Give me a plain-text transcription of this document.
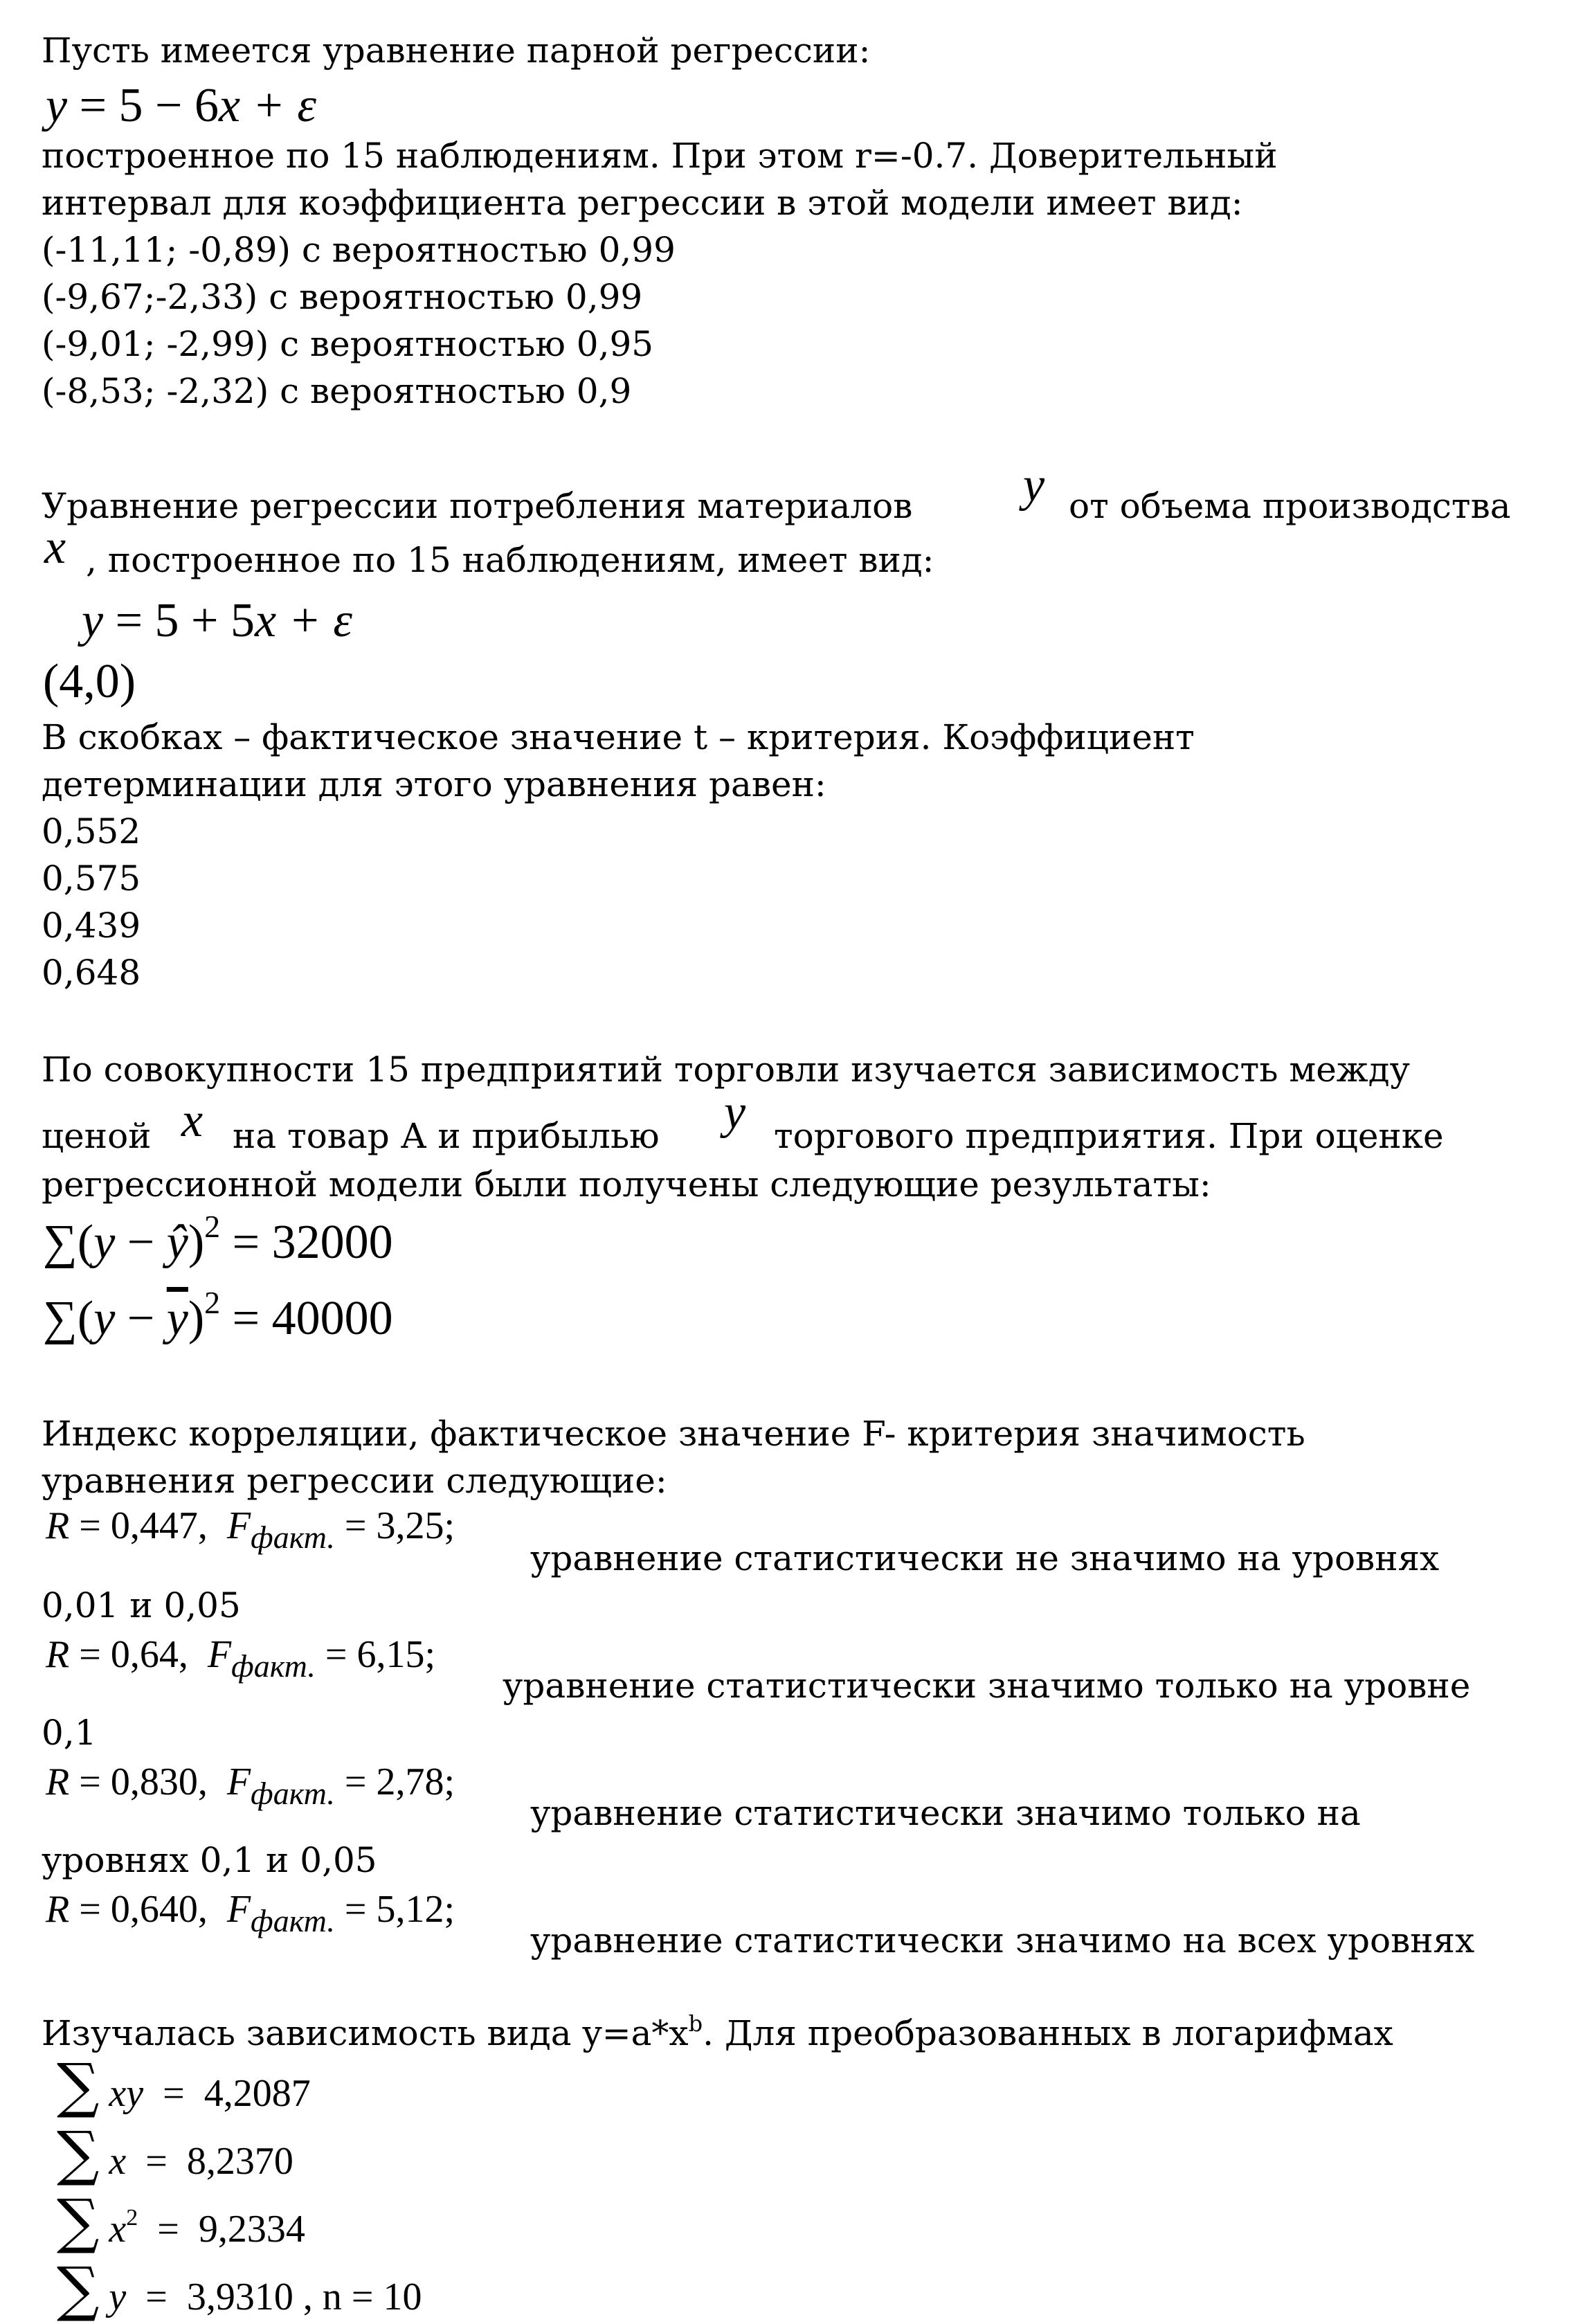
Пусть имеется уравнение парной регрессии:

y = 5 − 6x + ε

построенное по 15 наблюдениям. При этом r=-0.7. Доверительный

интервал для коэффициента регрессии в этой модели имеет вид:

(-11,11; -0,89) с вероятностью 0,99

(-9,67;-2,33) с вероятностью 0,99

(-9,01; -2,99) с вероятностью 0,95

(-8,53; -2,32) с вероятностью 0,9

Уравнение регрессии потребления материалов y от объема производства

x , построенное по 15 наблюдениям, имеет вид:

y = 5 + 5x + ε
(4,0)

В скобках – фактическое значение t – критерия. Коэффициент

детерминации для этого уравнения равен:

0,552

0,575

0,439

0,648

По совокупности 15 предприятий торговли изучается зависимость между

ценой x на товар А и прибылью y торгового предприятия. При оценке

регрессионной модели были получены следующие результаты:

∑(y − ŷ)$^2$ = 32000
$\sum(y - \overline{y})^2 = 40000$

Индекс корреляции, фактическое значение F- критерия значимость

уравнения регрессии следующие:

R = 0,447,  $F_{факт.} = 3,25$;

уравнение статистически не значимо на уровнях

0,01 и 0,05

R = 0,64,  $F_{факт.} = 6,15$;

уравнение статистически значимо только на уровне

0,1

R = 0,830,  $F_{факт.} = 2,78$;

уравнение статистически значимо только на

уровнях 0,1 и 0,05

R = 0,640,  $F_{факт.} = 5,12$;

уравнение статистически значимо на всех уровнях

Изучалась зависимость вида $y=a*x^b$. Для преобразованных в логарифмах

∑ xy  =  4,2087
∑ x  =  8,2370
∑ $x^2 = 9,2334$
∑ y  =  3,9310 , n = 10
